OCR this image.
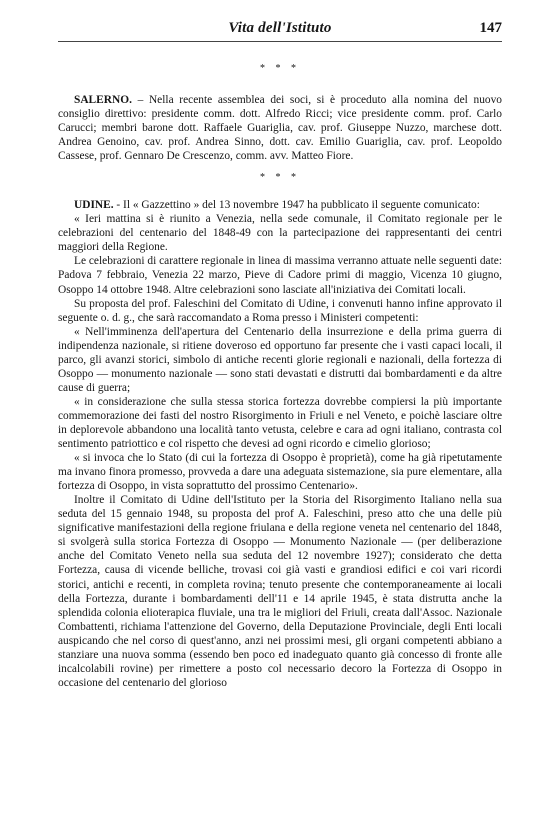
Vita dell'Istituto	147
* * *

SALERNO. – Nella recente assemblea dei soci, si è proceduto alla nomina del nuovo consiglio direttivo: presidente comm. dott. Alfredo Ricci; vice presidente comm. prof. Carlo Carucci; membri barone dott. Raffaele Guariglia, cav. prof. Giuseppe Nuzzo, marchese dott. Andrea Genoino, cav. prof. Andrea Sinno, dott. cav. Emilio Guariglia, cav. prof. Leopoldo Cassese, prof. Gennaro De Crescenzo, comm. avv. Matteo Fiore.

* * *

UDINE. - Il « Gazzettino » del 13 novembre 1947 ha pubblicato il seguente comunicato:

« Ieri mattina si è riunito a Venezia, nella sede comunale, il Comitato regionale per le celebrazioni del centenario del 1848-49 con la partecipazione dei rappresentanti dei centri maggiori della Regione.

Le celebrazioni di carattere regionale in linea di massima verranno attuate nelle seguenti date: Padova 7 febbraio, Venezia 22 marzo, Pieve di Cadore primi di maggio, Vicenza 10 giugno, Osoppo 14 ottobre 1948. Altre celebrazioni sono lasciate all'iniziativa dei Comitati locali.

Su proposta del prof. Faleschini del Comitato di Udine, i convenuti hanno infine approvato il seguente o. d. g., che sarà raccomandato a Roma presso i Ministeri competenti:

« Nell'imminenza dell'apertura del Centenario della insurrezione e della prima guerra di indipendenza nazionale, si ritiene doveroso ed opportuno far presente che i vasti capaci locali, il parco, gli avanzi storici, simbolo di antiche recenti glorie regionali e nazionali, della fortezza di Osoppo — monumento nazionale — sono stati devastati e distrutti dai bombardamenti e da altre cause di guerra;

« in considerazione che sulla stessa storica fortezza dovrebbe compiersi la più importante commemorazione dei fasti del nostro Risorgimento in Friuli e nel Veneto, e poichè lasciare oltre in deplorevole abbandono una località tanto vetusta, celebre e cara ad ogni italiano, contrasta col sentimento patriottico e col rispetto che devesi ad ogni ricordo e cimelio glorioso;

« si invoca che lo Stato (di cui la fortezza di Osoppo è proprietà), come ha già ripetutamente ma invano finora promesso, provveda a dare una adeguata sistemazione, sia pure elementare, alla fortezza di Osoppo, in vista soprattutto del prossimo Centenario».

Inoltre il Comitato di Udine dell'Istituto per la Storia del Risorgimento Italiano nella sua seduta del 15 gennaio 1948, su proposta del prof A. Faleschini, preso atto che una delle più significative manifestazioni della regione friulana e della regione veneta nel centenario del 1848, si svolgerà sulla storica Fortezza di Osoppo — Monumento Nazionale — (per deliberazione anche del Comitato Veneto nella sua seduta del 12 novembre 1927); considerato che detta Fortezza, causa di vicende belliche, trovasi coi già vasti e grandiosi edifici e coi vari ricordi storici, antichi e recenti, in completa rovina; tenuto presente che contemporaneamente ai locali della Fortezza, durante i bombardamenti dell'11 e 14 aprile 1945, è stata distrutta anche la splendida colonia elioterapica fluviale, una tra le migliori del Friuli, creata dall'Assoc. Nazionale Combattenti, richiama l'attenzione del Governo, della Deputazione Provinciale, degli Enti locali auspicando che nel corso di quest'anno, anzi nei prossimi mesi, gli organi competenti abbiano a stanziare una nuova somma (essendo ben poco ed inadeguato quanto già concesso di fronte alle incalcolabili rovine) per rimettere a posto col necessario decoro la Fortezza di Osoppo in occasione del centenario del glorioso
